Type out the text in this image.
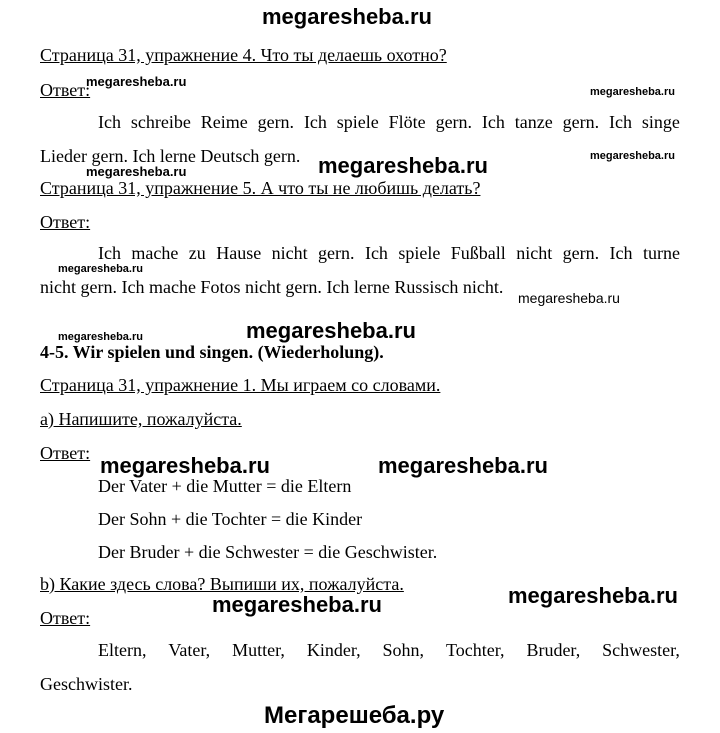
megaresheba.ru
Страница 31, упражнение 4. Что ты делаешь охотно?
Ответ:
megaresheba.ru
megaresheba.ru
Ich schreibe Reime gern. Ich spiele Flöte gern. Ich tanze gern. Ich singe
Lieder gern. Ich lerne Deutsch gern.
megaresheba.ru	megaresheba.ru	megaresheba.ru
Страница 31, упражнение 5. А что ты не любишь делать?
Ответ:
Ich mache zu Hause nicht gern. Ich spiele Fußball nicht gern. Ich turne
megaresheba.ru
nicht gern. Ich mache Fotos nicht gern. Ich lerne Russisch nicht.
megaresheba.ru
megaresheba.ru	megaresheba.ru
4-5. Wir spielen und singen. (Wiederholung).
Страница 31, упражнение 1. Мы играем со словами.
a) Напишите, пожалуйста.
Ответ: megaresheba.ru	megaresheba.ru
Der Vater + die Mutter = die Eltern
Der Sohn + die Tochter = die Kinder
Der Bruder + die Schwester = die Geschwister.
b) Какие здесь слова? Выпиши их, пожалуйста.	megaresheba.ru
megaresheba.ru
Ответ:
Eltern, Vater, Mutter, Kinder, Sohn, Tochter, Bruder, Schwester,
Geschwister.
Мегарешеба.ру
